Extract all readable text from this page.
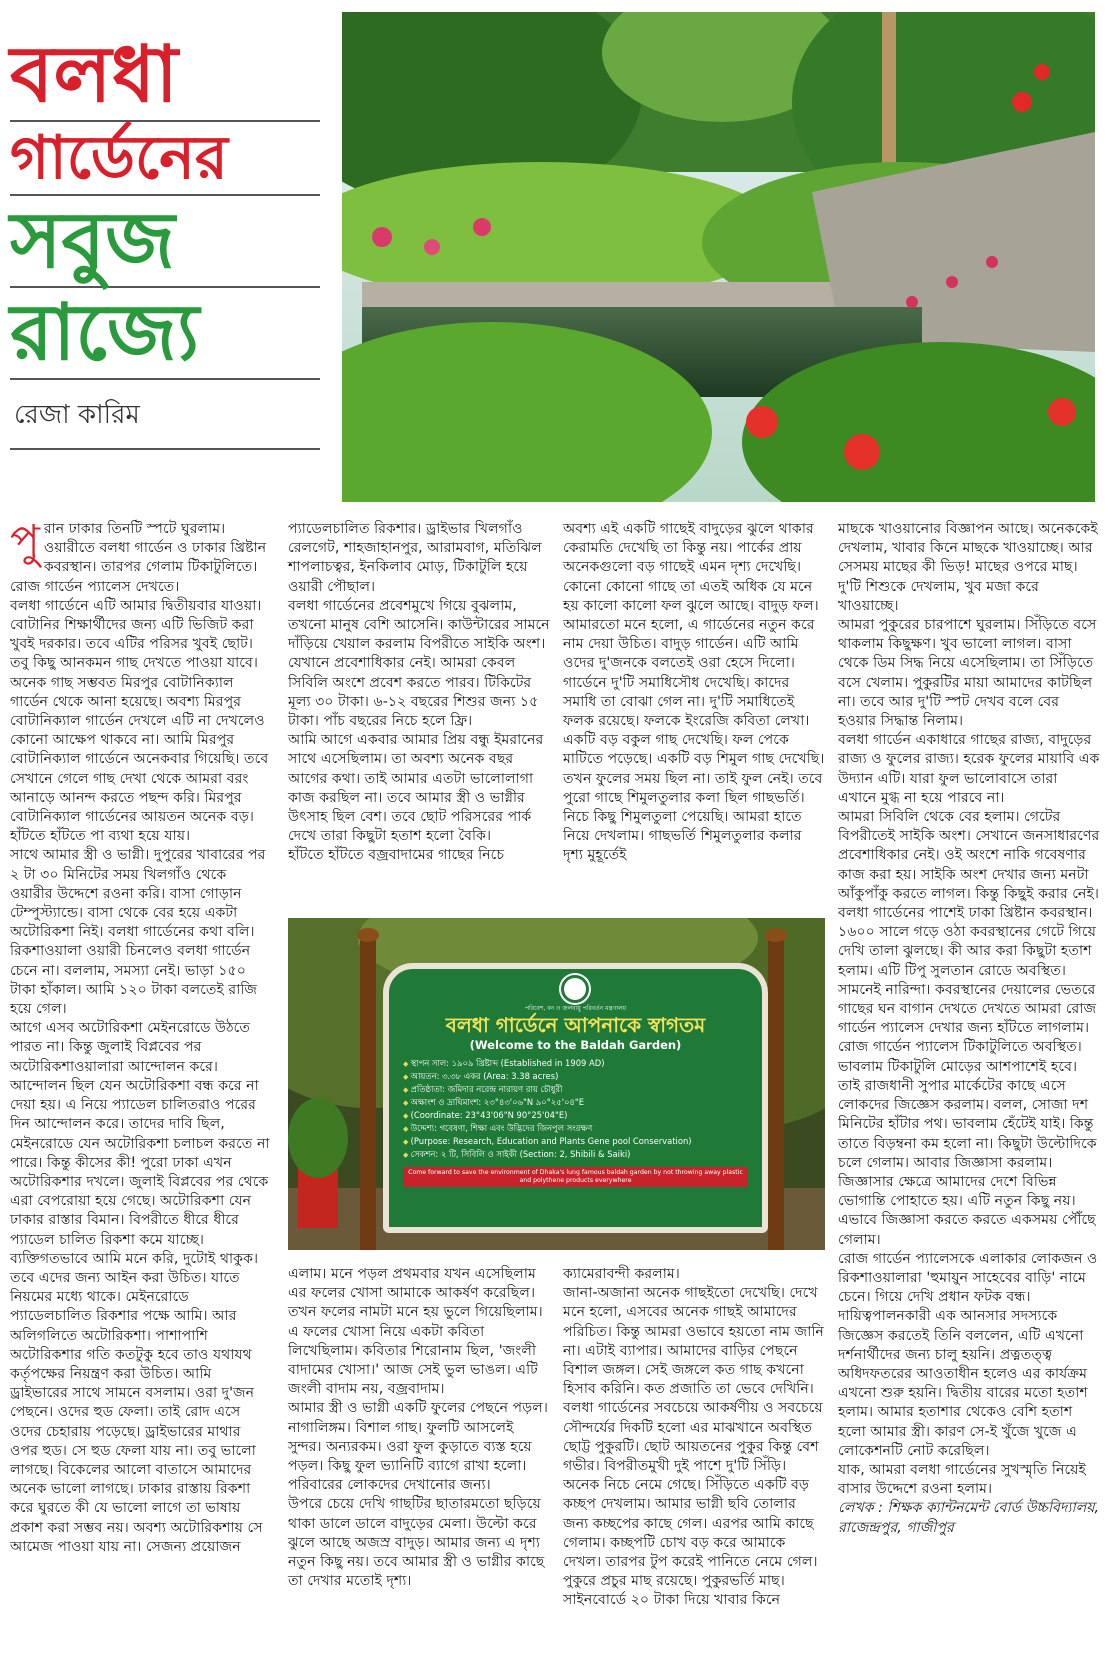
বলধা
গার্ডেনের
সবুজ
রাজ্যে
রেজা কারিম
পু রান ঢাকার তিনটি স্পটে ঘুরলাম। ওয়ারীতে বলধা গার্ডেন ও ঢাকার খ্রিষ্টান কবরস্থান। তারপর গেলাম টিকাটুলিতে। রোজ গার্ডেন প্যালেস দেখতে।

বলধা গার্ডেনে এটি আমার দ্বিতীয়বার যাওয়া। বোটানির শিক্ষার্থীদের জন্য এটি ভিজিট করা খুবই দরকার। তবে এটির পরিসর খুবই ছোট। তবু কিছু আনকমন গাছ দেখতে পাওয়া যাবে। অনেক গাছ সম্ভবত মিরপুর বোটানিক্যাল গার্ডেন থেকে আনা হয়েছে। অবশ্য মিরপুর বোটানিক্যাল গার্ডেন দেখলে এটি না দেখলেও কোনো আক্ষেপ থাকবে না। আমি মিরপুর বোটানিক্যাল গার্ডেনে অনেকবার গিয়েছি। তবে সেখানে গেলে গাছ দেখা থেকে আমরা বরং আনাড়ে আনন্দ করতে পছন্দ করি। মিরপুর বোটানিক্যাল গার্ডেনের আয়তন অনেক বড়। হাঁটতে হাঁটতে পা ব্যথা হয়ে যায়।

সাথে আমার স্ত্রী ও ভাগ্নী। দুপুরের খাবারের পর ২ টা ৩০ মিনিটের সময় খিলগাঁও থেকে ওয়ারীর উদ্দেশে রওনা করি। বাসা গোড়ান টেম্পুস্ট্যান্ডে। বাসা থেকে বের হয়ে একটা অটোরিকশা নিই। বলধা গার্ডেনের কথা বলি। রিকশাওয়ালা ওয়ারী চিনলেও বলধা গার্ডেন চেনে না। বললাম, সমস্যা নেই। ভাড়া ১৫০ টাকা হাঁকাল। আমি ১২০ টাকা বলতেই রাজি হয়ে গেল।

আগে এসব অটোরিকশা মেইনরোডে উঠতে পারত না। কিন্তু জুলাই বিপ্লবের পর অটোরিকশাওয়ালারা আন্দোলন করে। আন্দোলন ছিল যেন অটোরিকশা বন্ধ করে না দেয়া হয়। এ নিয়ে প্যাডেল চালিতরাও পরের দিন আন্দোলন করে। তাদের দাবি ছিল, মেইনরোডে যেন অটোরিকশা চলাচল করতে না পারে। কিন্তু কীসের কী! পুরো ঢাকা এখন অটোরিকশার দখলে। জুলাই বিপ্লবের পর থেকে এরা বেপরোয়া হয়ে গেছে। অটোরিকশা যেন ঢাকার রাস্তার বিমান। বিপরীতে ধীরে ধীরে প্যাডেল চালিত রিকশা কমে যাচ্ছে।

ব্যক্তিগতভাবে আমি মনে করি, দুটোই থাকুক। তবে এদের জন্য আইন করা উচিত। যাতে নিয়মের মধ্যে থাকে। মেইনরোডে প্যাডেলচালিত রিকশার পক্ষে আমি। আর অলিগলিতে অটোরিকশা। পাশাপাশি অটোরিকশার গতি কতটুকু হবে তাও যথাযথ কর্তৃপক্ষের নিয়ন্ত্রণ করা উচিত। আমি ড্রাইভারের সাথে সামনে বসলাম। ওরা দু'জন পেছনে। ওদের হুড ফেলা। তাই রোদ এসে ওদের চেহারায় পড়েছে। ড্রাইভারের মাথার ওপর হুড। সে হুড ফেলা যায় না। তবু ভালো লাগছে। বিকেলের আলো বাতাসে আমাদের অনেক ভালো লাগছে। ঢাকার রাস্তায় রিকশা করে ঘুরতে কী যে ভালো লাগে তা ভাষায় প্রকাশ করা সম্ভব নয়। অবশ্য অটোরিকশায় সে আমেজ পাওয়া যায় না। সেজন্য প্রয়োজন

প্যাডেলচালিত রিকশার। ড্রাইভার খিলগাঁও রেলগেট, শাহজাহানপুর, আরামবাগ, মতিঝিল শাপলাচত্বর, ইনকিলাব মোড়, টিকাটুলি হয়ে ওয়ারী পৌছাল।

বলধা গার্ডেনের প্রবেশমুখে গিয়ে বুঝলাম, তখনো মানুষ বেশি আসেনি। কাউন্টারের সামনে দাঁড়িয়ে খেয়াল করলাম বিপরীতে সাইকি অংশ। যেখানে প্রবেশাধিকার নেই। আমরা কেবল সিবিলি অংশে প্রবেশ করতে পারব। টিকিটের মূল্য ৩০ টাকা। ৬-১২ বছরের শিশুর জন্য ১৫ টাকা। পাঁচ বছরের নিচে হলে ফ্রি।

আমি আগে একবার আমার প্রিয় বন্ধু ইমরানের সাথে এসেছিলাম। তা অবশ্য অনেক বছর আগের কথা। তাই আমার এতটা ভালোলাগা কাজ করছিল না। তবে আমার স্ত্রী ও ভাগ্নীর উৎসাহ ছিল বেশ। তবে ছোট পরিসরের পার্ক দেখে তারা কিছুটা হতাশ হলো বৈকি।

হাঁটতে হাঁটতে বজ্রবাদামের গাছের নিচে

অবশ্য এই একটি গাছেই বাদুড়ের ঝুলে থাকার কেরামতি দেখেছি তা কিন্তু নয়। পার্কের প্রায় অনেকগুলো বড় গাছেই এমন দৃশ্য দেখেছি। কোনো কোনো গাছে তা এতই অধিক যে মনে হয় কালো কালো ফল ঝুলে আছে। বাদুড় ফল। আমারতো মনে হলো, এ গার্ডেনের নতুন করে নাম দেয়া উচিত। বাদুড় গার্ডেন। এটি আমি ওদের দু'জনকে বলতেই ওরা হেসে দিলো।

গার্ডেনে দু'টি সমাধিসৌধ দেখেছি। কাদের সমাধি তা বোঝা গেল না। দু'টি সমাধিতেই ফলক রয়েছে। ফলকে ইংরেজি কবিতা লেখা।

একটি বড় বকুল গাছ দেখেছি। ফল পেকে মাটিতে পড়েছে। একটি বড় শিমুল গাছ দেখেছি। তখন ফুলের সময় ছিল না। তাই ফুল নেই। তবে পুরো গাছে শিমুলতুলার কলা ছিল গাছভর্তি। নিচে কিছু শিমুলতুলা পেয়েছি। আমরা হাতে নিয়ে দেখলাম। গাছভর্তি শিমুলতুলার কলার দৃশ্য মুহূর্তেই

পরিবেশ, বন ও জলবায়ু পরিবর্তন মন্ত্রণালয়
বলধা গার্ডেনে আপনাকে স্বাগতম
(Welcome to the Baldah Garden)
◆ স্থাপন সাল: ১৯০৯ খ্রিষ্টাব্দ (Established in 1909 AD)
◆ আয়তন: ৩.৩৮ একর (Area: 3.38 acres)
◆ প্রতিষ্ঠাতা: জমিদার নরেন্দ্র নারায়ণ রায় চৌধুরী
◆ অক্ষাংশ ও দ্রাঘিমাংশ: ২৩°৪৩'০৬"N ৯০°২৫'০৪"E
◆ (Coordinate: 23°43'06"N 90°25'04"E)
◆ উদ্দেশ্য: গবেষণা, শিক্ষা এবং উদ্ভিদের জিনপুল সংরক্ষণ
◆ (Purpose: Research, Education and Plants Gene pool Conservation)
◆ সেকশন: ২ টি, সিবিলি ও সাইকী (Section: 2, Shibili & Saiki)
Come forward to save the environment of Dhaka's lung famous baldah garden by not throwing away plastic and polythene products everywhere

এলাম। মনে পড়ল প্রথমবার যখন এসেছিলাম এর ফলের খোসা আমাকে আকর্ষণ করেছিল। তখন ফলের নামটা মনে হয় ভুলে গিয়েছিলাম। এ ফলের খোসা নিয়ে একটা কবিতা লিখেছিলাম। কবিতার শিরোনাম ছিল, 'জংলী বাদামের খোসা।' আজ সেই ভুল ভাঙল। এটি জংলী বাদাম নয়, বজ্রবাদাম।

আমার স্ত্রী ও ভাগ্নী একটি ফুলের পেছনে পড়ল। নাগালিঙ্গম। বিশাল গাছ। ফুলটি আসলেই সুন্দর। অন্যরকম। ওরা ফুল কুড়াতে ব্যস্ত হয়ে পড়ল। কিছু ফুল ভ্যানিটি ব্যাগে রাখা হলো। পরিবারের লোকদের দেখানোর জন্য।

উপরে চেয়ে দেখি গাছটির ছাতারমতো ছড়িয়ে থাকা ডালে ডালে বাদুড়ের মেলা। উল্টো করে ঝুলে আছে অজস্র বাদুড়। আমার জন্য এ দৃশ্য নতুন কিছু নয়। তবে আমার স্ত্রী ও ভাগ্নীর কাছে তা দেখার মতোই দৃশ্য।

ক্যামেরাবন্দী করলাম।

জানা-অজানা অনেক গাছইতো দেখেছি। দেখে মনে হলো, এসবের অনেক গাছই আমাদের পরিচিত। কিন্তু আমরা ওভাবে হয়তো নাম জানি না। এটাই ব্যাপার। আমাদের বাড়ির পেছনে বিশাল জঙ্গল। সেই জঙ্গলে কত গাছ কখনো হিসাব করিনি। কত প্রজাতি তা ভেবে দেখিনি।

বলধা গার্ডেনের সবচেয়ে আকর্ষণীয় ও সবচেয়ে সৌন্দর্যের দিকটি হলো এর মাঝখানে অবস্থিত ছোট্ট পুকুরটি। ছোট আয়তনের পুকুর কিন্তু বেশ গভীর। বিপরীতমুখী দুই পাশে দু'টি সিঁড়ি। অনেক নিচে নেমে গেছে। সিঁড়িতে একটি বড় কচ্ছপ দেখলাম। আমার ভাগ্নী ছবি তোলার জন্য কচ্ছপের কাছে গেল। এরপর আমি কাছে গেলাম। কচ্ছপটি চোখ বড় করে আমাকে দেখল। তারপর টুপ করেই পানিতে নেমে গেল।

পুকুরে প্রচুর মাছ রয়েছে। পুকুরভর্তি মাছ। সাইনবোর্ডে ২০ টাকা দিয়ে খাবার কিনে

মাছকে খাওয়ানোর বিজ্ঞাপন আছে। অনেককেই দেখলাম, খাবার কিনে মাছকে খাওয়াচ্ছে। আর সেসময় মাছের কী ভিড়! মাছের ওপরে মাছ। দু'টি শিশুকে দেখলাম, খুব মজা করে খাওয়াচ্ছে।

আমরা পুকুরের চারপাশে ঘুরলাম। সিঁড়িতে বসে থাকলাম কিছুক্ষণ। খুব ভালো লাগল। বাসা থেকে ডিম সিদ্ধ নিয়ে এসেছিলাম। তা সিঁড়িতে বসে খেলাম। পুকুরটির মায়া আমাদের কাটছিল না। তবে আর দু'টি স্পট দেখব বলে বের হওয়ার সিদ্ধান্ত নিলাম।

বলধা গার্ডেন একাধারে গাছের রাজ্য, বাদুড়ের রাজ্য ও ফুলের রাজ্য। হরেক ফুলের মায়াবি এক উদ্যান এটি। যারা ফুল ভালোবাসে তারা এখানে মুগ্ধ না হয়ে পারবে না।

আমরা সিবিলি থেকে বের হলাম। গেটের বিপরীতেই সাইকি অংশ। সেখানে জনসাধারণের প্রবেশাধিকার নেই। ওই অংশে নাকি গবেষণার কাজ করা হয়। সাইকি অংশ দেখার জন্য মনটা আঁকুপাঁকু করতে লাগল। কিন্তু কিছুই করার নেই।

বলধা গার্ডেনের পাশেই ঢাকা খ্রিষ্টান কবরস্থান। ১৬০০ সালে গড়ে ওঠা কবরস্থানের গেটে গিয়ে দেখি তালা ঝুলছে। কী আর করা কিছুটা হতাশ হলাম। এটি টিপু সুলতান রোডে অবস্থিত। সামনেই নারিন্দা। কবরস্থানের দেয়ালের ভেতরে গাছের ঘন বাগান দেখতে দেখতে আমরা রোজ গার্ডেন প্যালেস দেখার জন্য হাঁটতে লাগলাম।

রোজ গার্ডেন প্যালেস টিকাটুলিতে অবস্থিত। ভাবলাম টিকাটুলি মোড়ের আশপাশেই হবে। তাই রাজধানী সুপার মার্কেটের কাছে এসে লোকদের জিজ্ঞেস করলাম। বলল, সোজা দশ মিনিটের হাঁটার পথ। ভাবলাম হেঁটেই যাই। কিন্তু তাতে বিড়ম্বনা কম হলো না। কিছুটা উল্টোদিকে চলে গেলাম। আবার জিজ্ঞাসা করলাম। জিজ্ঞাসার ক্ষেত্রে আমাদের দেশে বিভিন্ন ভোগান্তি পোহাতে হয়। এটি নতুন কিছু নয়। এভাবে জিজ্ঞাসা করতে করতে একসময় পৌঁছে গেলাম।

রোজ গার্ডেন প্যালেসকে এলাকার লোকজন ও রিকশাওয়ালারা 'হুমায়ুন সাহেবের বাড়ি' নামে চেনে। গিয়ে দেখি প্রধান ফটক বন্ধ। দায়িত্বপালনকারী এক আনসার সদস্যকে জিজ্ঞেস করতেই তিনি বললেন, এটি এখনো দর্শনার্থীদের জন্য চালু হয়নি। প্রত্নতত্ত্ব অধিদফতরের আওতাধীন হলেও এর কার্যক্রম এখনো শুরু হয়নি। দ্বিতীয় বারের মতো হতাশ হলাম। আমার হতাশার থেকেও বেশি হতাশ হলো আমার স্ত্রী। কারণ সে-ই খুঁজে খুজে এ লোকেশনটি নোট করেছিল।

যাক, আমরা বলধা গার্ডেনের সুখস্মৃতি নিয়েই বাসার উদ্দেশে রওনা হলাম।

লেখক : শিক্ষক ক্যান্টনমেন্ট বোর্ড উচ্চবিদ্যালয়, রাজেন্দ্রপুর, গাজীপুর
